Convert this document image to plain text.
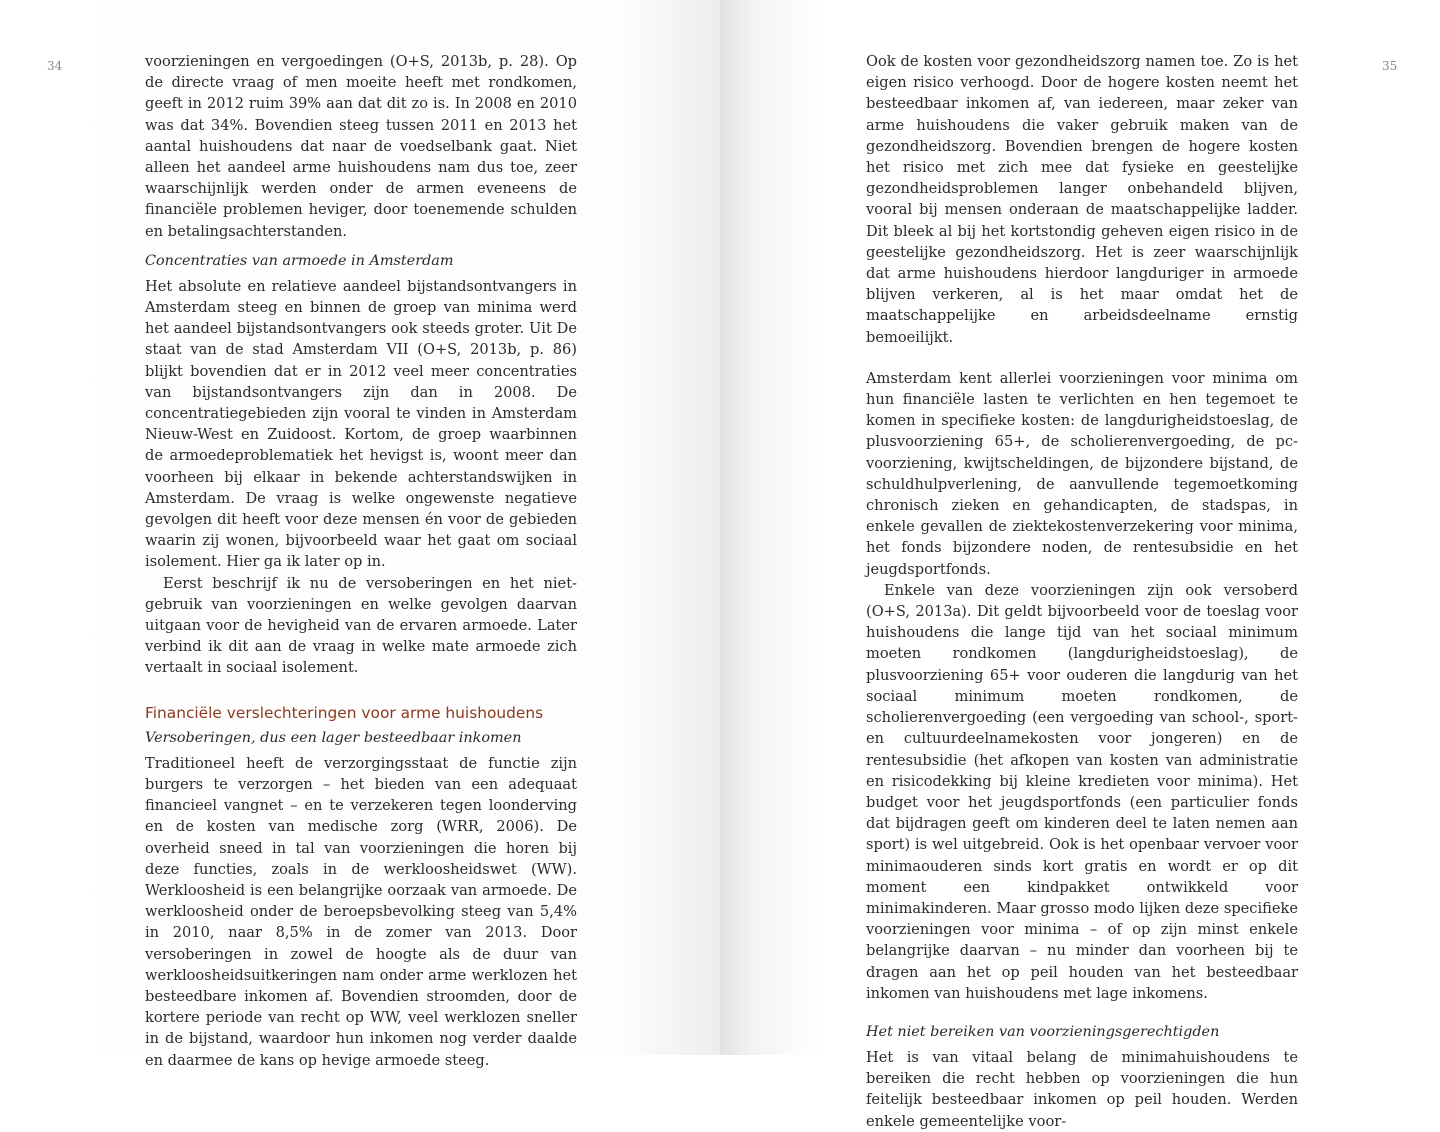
34	voorzieningen en vergoedingen (O+S, 2013b, p. 28). Op de directe vraag of men moeite heeft met rondkomen, geeft in 2012 ruim 39% aan dat dit zo is. In 2008 en 2010 was dat 34%. Bovendien steeg tussen 2011 en 2013 het aantal huishoudens dat naar de voedselbank gaat. Niet alleen het aandeel arme huishoudens nam dus toe, zeer waarschijnlijk werden onder de armen eveneens de financiële problemen heviger, door toenemende schulden en betalingsachterstanden.

Concentraties van armoede in Amsterdam

Het absolute en relatieve aandeel bijstandsontvangers in Amsterdam steeg en binnen de groep van minima werd het aandeel bijstandsontvangers ook steeds groter. Uit De staat van de stad Amsterdam VII (O+S, 2013b, p. 86) blijkt bovendien dat er in 2012 veel meer concentraties van bijstandsontvangers zijn dan in 2008. De concentratiegebieden zijn vooral te vinden in Amsterdam Nieuw-West en Zuidoost. Kortom, de groep waarbinnen de armoedeproblematiek het hevigst is, woont meer dan voorheen bij elkaar in bekende achterstandswijken in Amsterdam. De vraag is welke ongewenste negatieve gevolgen dit heeft voor deze mensen én voor de gebieden waarin zij wonen, bijvoorbeeld waar het gaat om sociaal isolement. Hier ga ik later op in.

Eerst beschrijf ik nu de versoberingen en het niet-gebruik van voorzieningen en welke gevolgen daarvan uitgaan voor de hevigheid van de ervaren armoede. Later verbind ik dit aan de vraag in welke mate armoede zich vertaalt in sociaal isolement.

Financiële verslechteringen voor arme huishoudens

Versoberingen, dus een lager besteedbaar inkomen

Traditioneel heeft de verzorgingsstaat de functie zijn burgers te verzorgen – het bieden van een adequaat financieel vangnet – en te verzekeren tegen loonderving en de kosten van medische zorg (WRR, 2006). De overheid sneed in tal van voorzieningen die horen bij deze functies, zoals in de werkloosheidswet (WW). Werkloosheid is een belangrijke oorzaak van armoede. De werkloosheid onder de beroepsbevolking steeg van 5,4% in 2010, naar 8,5% in de zomer van 2013. Door versoberingen in zowel de hoogte als de duur van werkloosheidsuitkeringen nam onder arme werklozen het besteedbare inkomen af. Bovendien stroomden, door de kortere periode van recht op WW, veel werklozen sneller in de bijstand, waardoor hun inkomen nog verder daalde en daarmee de kans op hevige armoede steeg.

35

Ook de kosten voor gezondheidszorg namen toe. Zo is het eigen risico verhoogd. Door de hogere kosten neemt het besteedbaar inkomen af, van iedereen, maar zeker van arme huishoudens die vaker gebruik maken van de gezondheidszorg. Bovendien brengen de hogere kosten het risico met zich mee dat fysieke en geestelijke gezondheidsproblemen langer onbehandeld blijven, vooral bij mensen onderaan de maatschappelijke ladder. Dit bleek al bij het kortstondig geheven eigen risico in de geestelijke gezondheidszorg. Het is zeer waarschijnlijk dat arme huishoudens hierdoor langduriger in armoede blijven verkeren, al is het maar omdat het de maatschappelijke en arbeidsdeelname ernstig bemoeilijkt.

Amsterdam kent allerlei voorzieningen voor minima om hun financiële lasten te verlichten en hen tegemoet te komen in specifieke kosten: de langdurigheidstoeslag, de plusvoorziening 65+, de scholierenvergoeding, de pc-voorziening, kwijtscheldingen, de bijzondere bijstand, de schuldhulpverlening, de aanvullende tegemoetkoming chronisch zieken en gehandicapten, de stadspas, in enkele gevallen de ziektekostenverzekering voor minima, het fonds bijzondere noden, de rentesubsidie en het jeugdsportfonds.

Enkele van deze voorzieningen zijn ook versoberd (O+S, 2013a). Dit geldt bijvoorbeeld voor de toeslag voor huishoudens die lange tijd van het sociaal minimum moeten rondkomen (langdurigheidstoeslag), de plusvoorziening 65+ voor ouderen die langdurig van het sociaal minimum moeten rondkomen, de scholierenvergoeding (een vergoeding van school-, sport- en cultuurdeelnamekosten voor jongeren) en de rentesubsidie (het afkopen van kosten van administratie en risicodekking bij kleine kredieten voor minima). Het budget voor het jeugdsportfonds (een particulier fonds dat bijdragen geeft om kinderen deel te laten nemen aan sport) is wel uitgebreid. Ook is het openbaar vervoer voor minimaouderen sinds kort gratis en wordt er op dit moment een kindpakket ontwikkeld voor minimakinderen. Maar grosso modo lijken deze specifieke voorzieningen voor minima – of op zijn minst enkele belangrijke daarvan – nu minder dan voorheen bij te dragen aan het op peil houden van het besteedbaar inkomen van huishoudens met lage inkomens.

Het niet bereiken van voorzieningsgerechtigden

Het is van vitaal belang de minimahuishoudens te bereiken die recht hebben op voorzieningen die hun feitelijk besteedbaar inkomen op peil houden. Werden enkele gemeentelijke voor-
